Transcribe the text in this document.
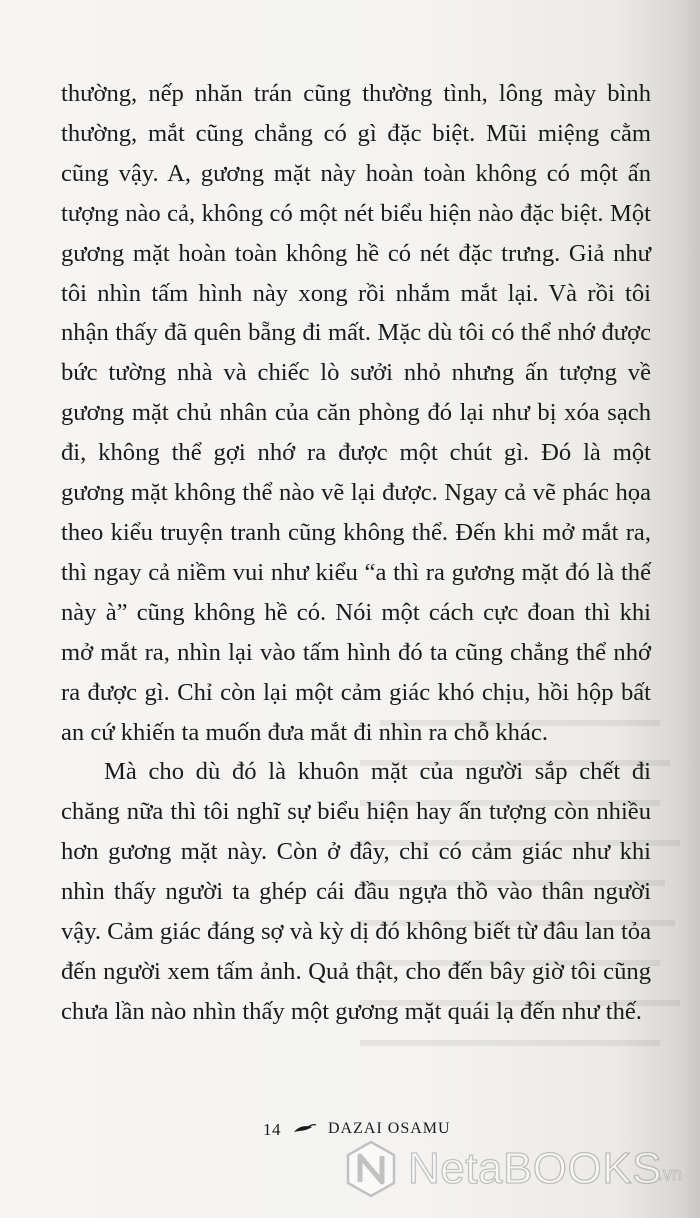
thường, nếp nhăn trán cũng thường tình, lông mày bình thường, mắt cũng chẳng có gì đặc biệt. Mũi miệng cằm cũng vậy. A, gương mặt này hoàn toàn không có một ấn tượng nào cả, không có một nét biểu hiện nào đặc biệt. Một gương mặt hoàn toàn không hề có nét đặc trưng. Giả như tôi nhìn tấm hình này xong rồi nhắm mắt lại. Và rồi tôi nhận thấy đã quên bẵng đi mất. Mặc dù tôi có thể nhớ được bức tường nhà và chiếc lò sưởi nhỏ nhưng ấn tượng về gương mặt chủ nhân của căn phòng đó lại như bị xóa sạch đi, không thể gợi nhớ ra được một chút gì. Đó là một gương mặt không thể nào vẽ lại được. Ngay cả vẽ phác họa theo kiểu truyện tranh cũng không thể. Đến khi mở mắt ra, thì ngay cả niềm vui như kiểu “a thì ra gương mặt đó là thế này à” cũng không hề có. Nói một cách cực đoan thì khi mở mắt ra, nhìn lại vào tấm hình đó ta cũng chẳng thể nhớ ra được gì. Chỉ còn lại một cảm giác khó chịu, hồi hộp bất an cứ khiến ta muốn đưa mắt đi nhìn ra chỗ khác.

Mà cho dù đó là khuôn mặt của người sắp chết đi chăng nữa thì tôi nghĩ sự biểu hiện hay ấn tượng còn nhiều hơn gương mặt này. Còn ở đây, chỉ có cảm giác như khi nhìn thấy người ta ghép cái đầu ngựa thồ vào thân người vậy. Cảm giác đáng sợ và kỳ dị đó không biết từ đâu lan tỏa đến người xem tấm ảnh. Quả thật, cho đến bây giờ tôi cũng chưa lần nào nhìn thấy một gương mặt quái lạ đến như thế.

14	DAZAI OSAMU
NetaBOOKS
.vn
